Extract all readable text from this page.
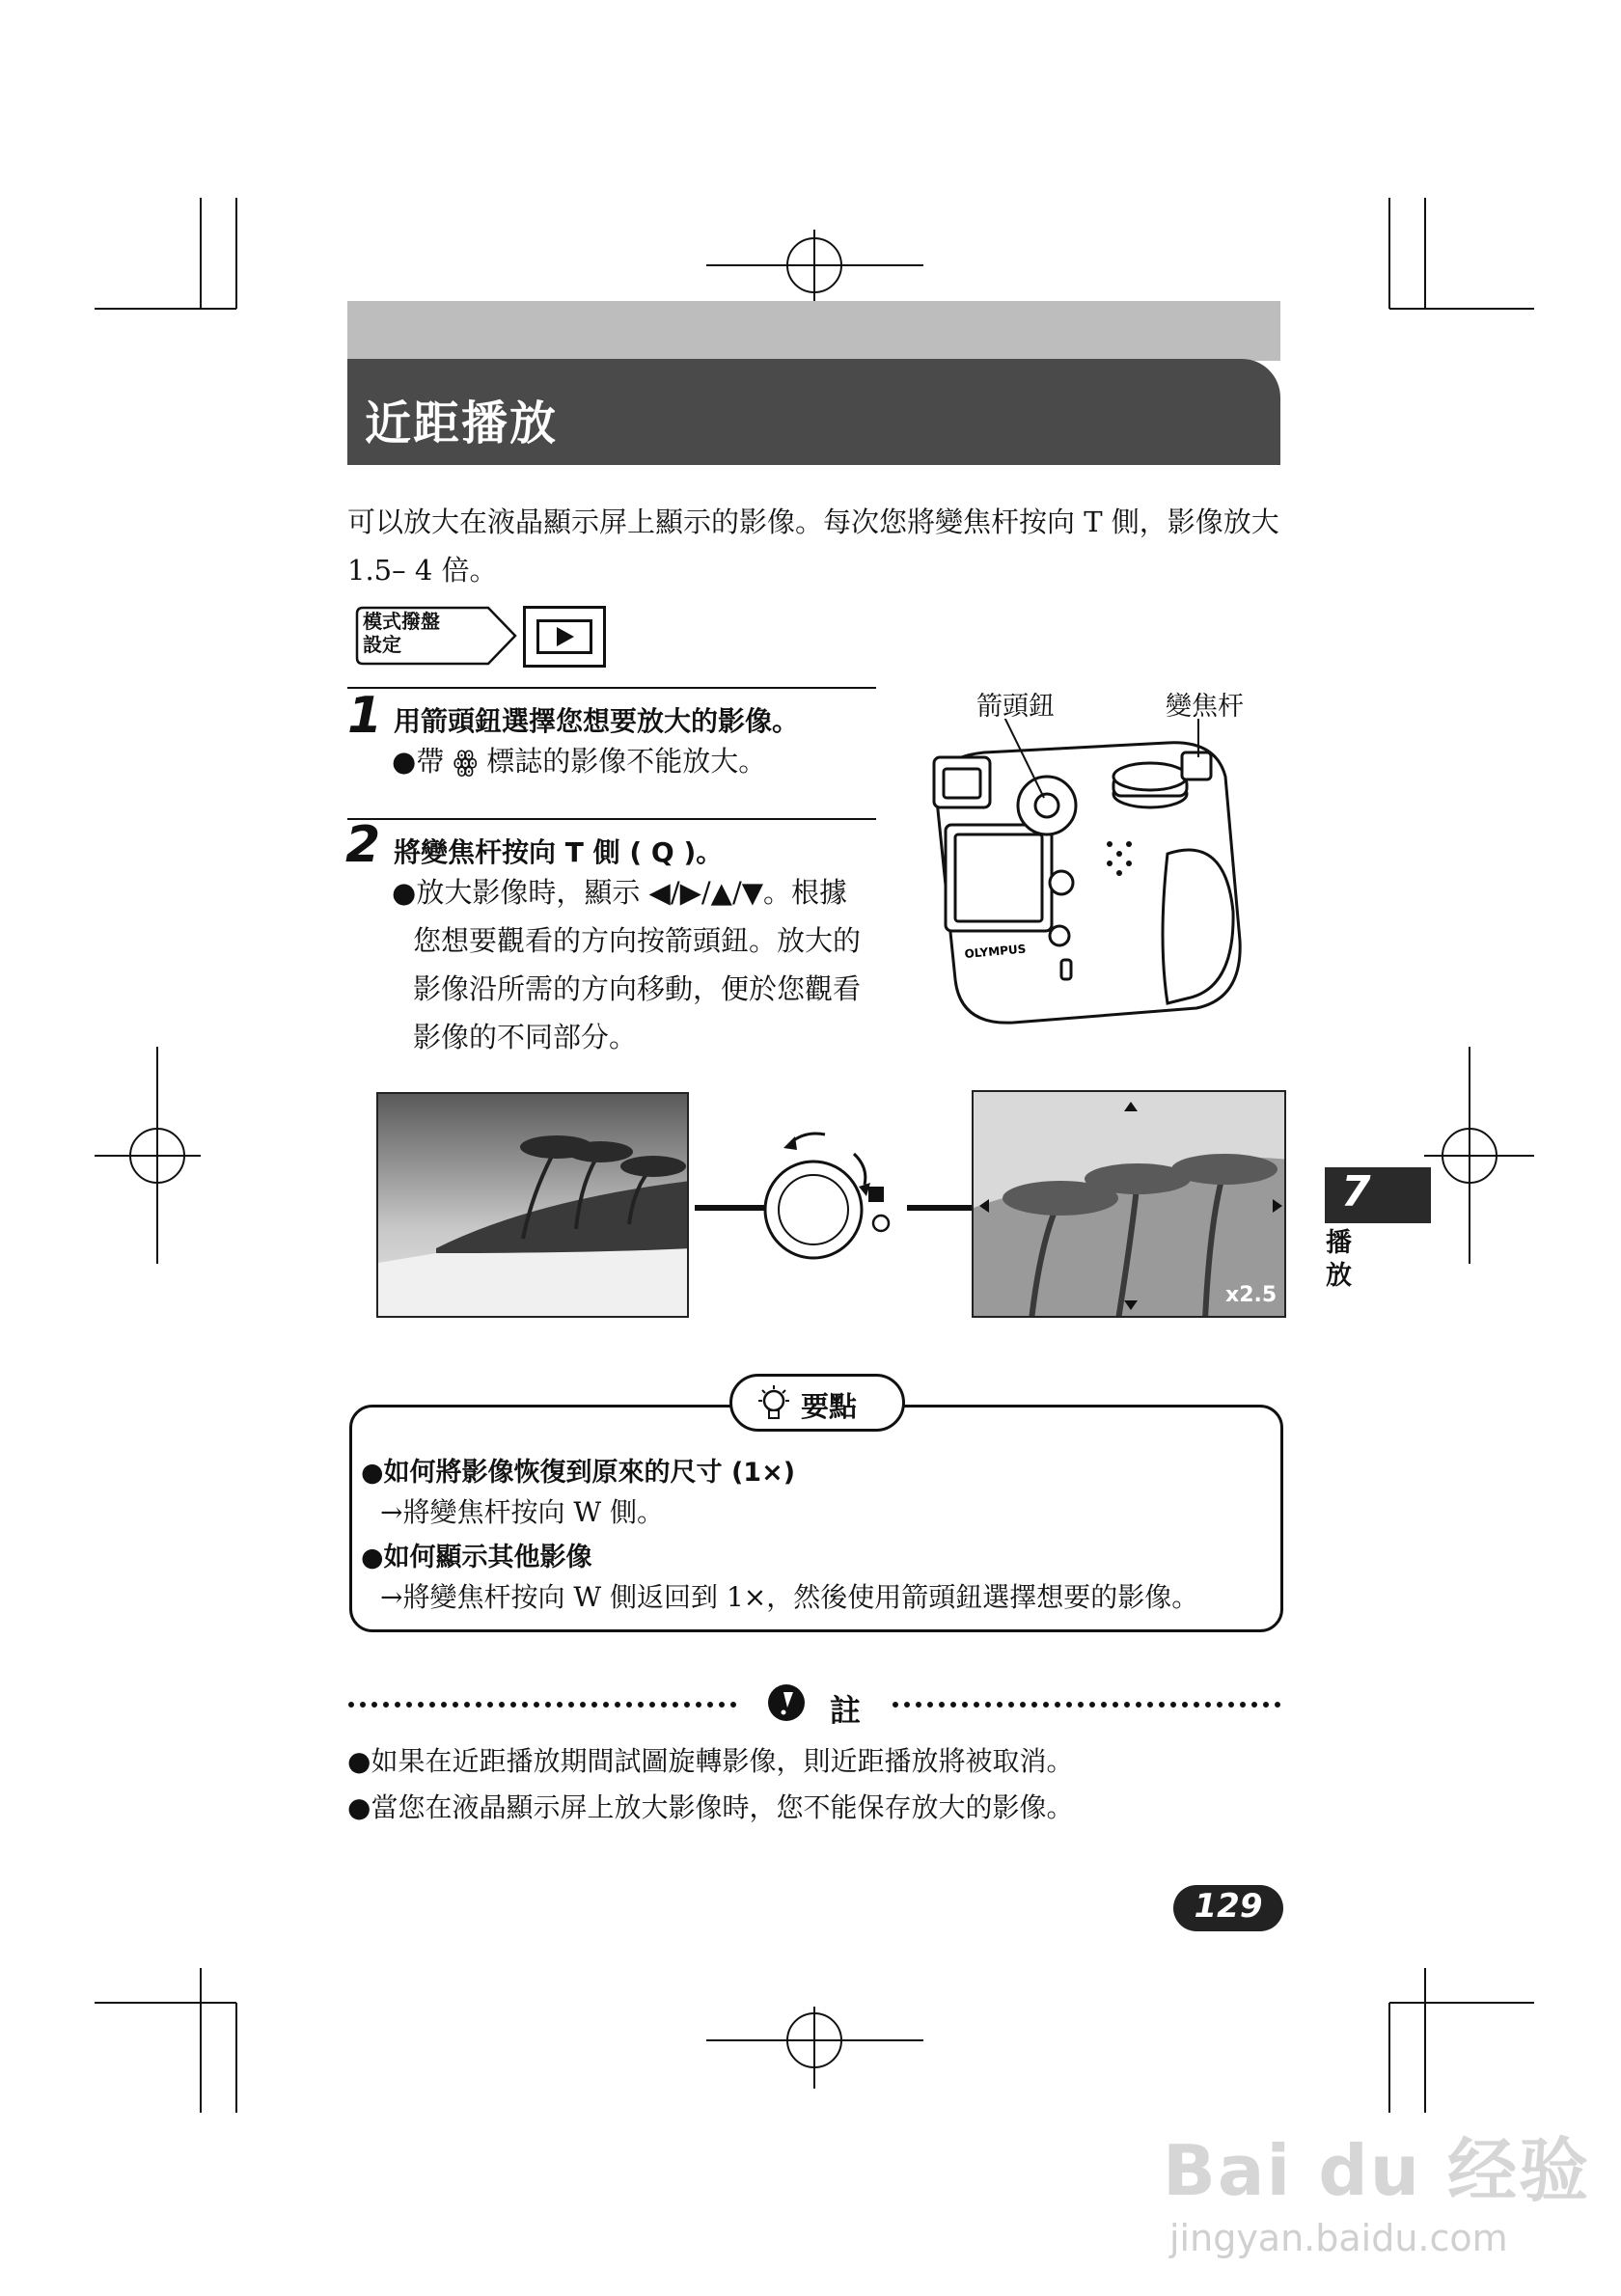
近距播放
可以放大在液晶顯示屏上顯示的影像。每次您將變焦杆按向 T 側，影像放大 1.5– 4 倍。
模式撥盤
設定
1 用箭頭鈕選擇您想要放大的影像。
●帶 ꙮ 標誌的影像不能放大。
2 將變焦杆按向 T 側 ( Q )。
●放大影像時，顯示 ◀/▶/▲/▼。根據
您想要觀看的方向按箭頭鈕。放大的
影像沿所需的方向移動，便於您觀看
影像的不同部分。
箭頭鈕	變焦杆
OLYMPUS
x2.5
7
播放
要點
●如何將影像恢復到原來的尺寸 (1×)
→將變焦杆按向 W 側。
●如何顯示其他影像
→將變焦杆按向 W 側返回到 1×，然後使用箭頭鈕選擇想要的影像。
註
●如果在近距播放期間試圖旋轉影像，則近距播放將被取消。
●當您在液晶顯示屏上放大影像時，您不能保存放大的影像。
129
Bai du 经验
jingyan.baidu.com
